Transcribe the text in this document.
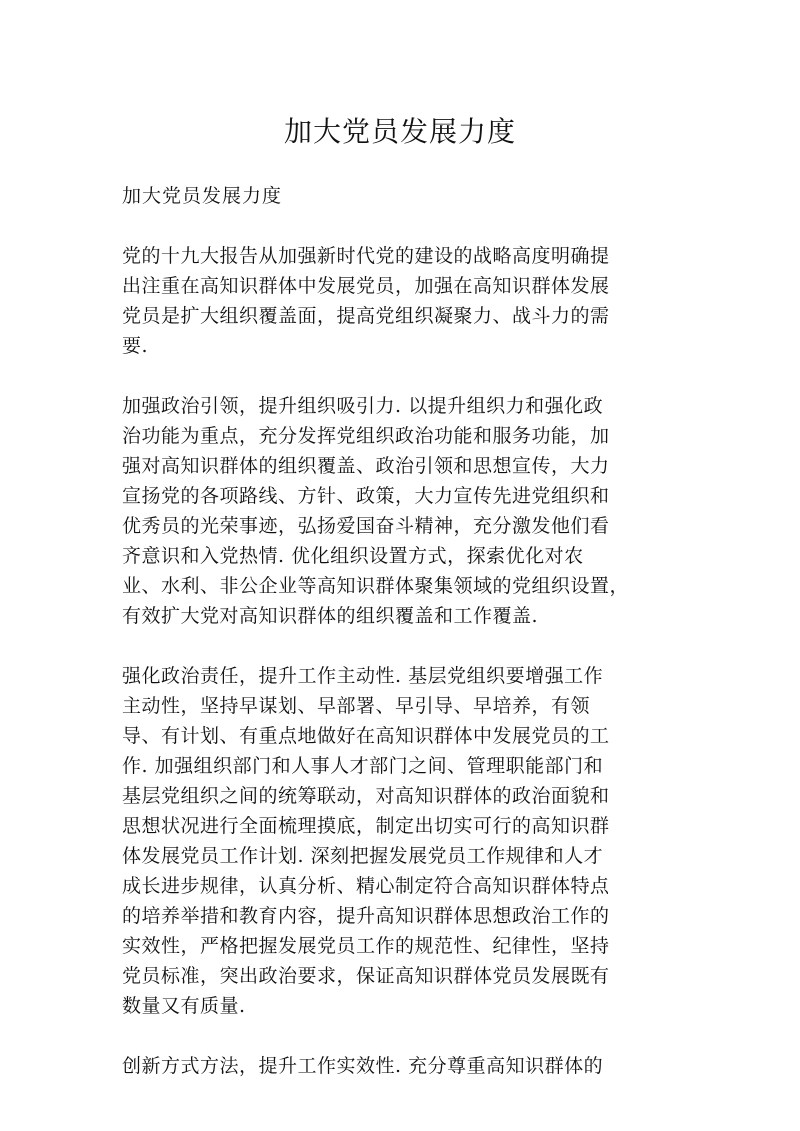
加大党员发展力度

加大党员发展力度

党的十九大报告从加强新时代党的建设的战略高度明确提
出注重在高知识群体中发展党员，加强在高知识群体发展
党员是扩大组织覆盖面，提高党组织凝聚力、战斗力的需
要.

加强政治引领，提升组织吸引力. 以提升组织力和强化政
治功能为重点，充分发挥党组织政治功能和服务功能，加
强对高知识群体的组织覆盖、政治引领和思想宣传，大力
宣扬党的各项路线、方针、政策，大力宣传先进党组织和
优秀员的光荣事迹，弘扬爱国奋斗精神，充分激发他们看
齐意识和入党热情. 优化组织设置方式，探索优化对农
业、水利、非公企业等高知识群体聚集领域的党组织设置，
有效扩大党对高知识群体的组织覆盖和工作覆盖.

强化政治责任，提升工作主动性. 基层党组织要增强工作
主动性，坚持早谋划、早部署、早引导、早培养，有领
导、有计划、有重点地做好在高知识群体中发展党员的工
作. 加强组织部门和人事人才部门之间、管理职能部门和
基层党组织之间的统筹联动，对高知识群体的政治面貌和
思想状况进行全面梳理摸底，制定出切实可行的高知识群
体发展党员工作计划. 深刻把握发展党员工作规律和人才
成长进步规律，认真分析、精心制定符合高知识群体特点
的培养举措和教育内容，提升高知识群体思想政治工作的
实效性，严格把握发展党员工作的规范性、纪律性，坚持
党员标准，突出政治要求，保证高知识群体党员发展既有
数量又有质量.

创新方式方法，提升工作实效性. 充分尊重高知识群体的
